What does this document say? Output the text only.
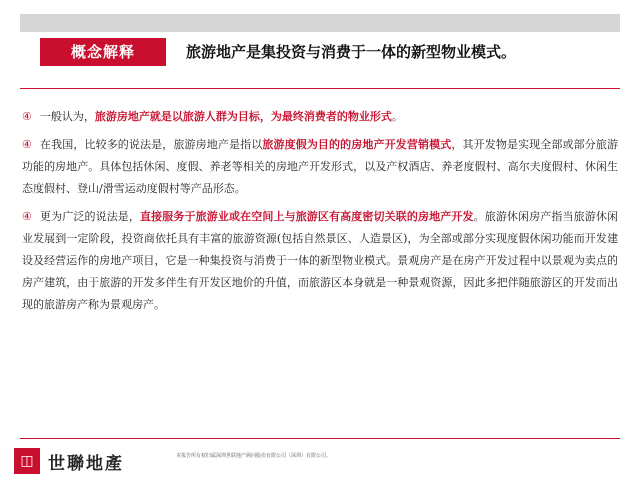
概念解释	旅游地产是集投资与消费于一体的新型物业模式。

④ 一般认为，旅游房地产就是以旅游人群为目标，为最终消费者的物业形式。

④ 在我国，比较多的说法是，旅游房地产是指以旅游度假为目的的房地产开发营销模式，其开发物是实现全部或部分旅游功能的房地产。具体包括休闲、度假、养老等相关的房地产开发形式，以及产权酒店、养老度假村、高尔夫度假村、休闲生态度假村、登山/滑雪运动度假村等产品形态。

④ 更为广泛的说法是，直接服务于旅游业或在空间上与旅游区有高度密切关联的房地产开发。旅游休闲房产指当旅游休闲业发展到一定阶段，投资商依托具有丰富的旅游资源(包括自然景区、人造景区)，为全部或部分实现度假休闲功能而开发建设及经营运作的房地产项目，它是一种集投资与消费于一体的新型物业模式。景观房产是在房产开发过程中以景观为卖点的房产建筑，由于旅游的开发多伴生有开发区地价的升值，而旅游区本身就是一种景观资源，因此多把伴随旅游区的开发而出现的旅游房产称为景观房产。

◫ 世聯地產	本报告所有权归属深圳世联地产顾问股份有限公司（深圳）有限公司。
